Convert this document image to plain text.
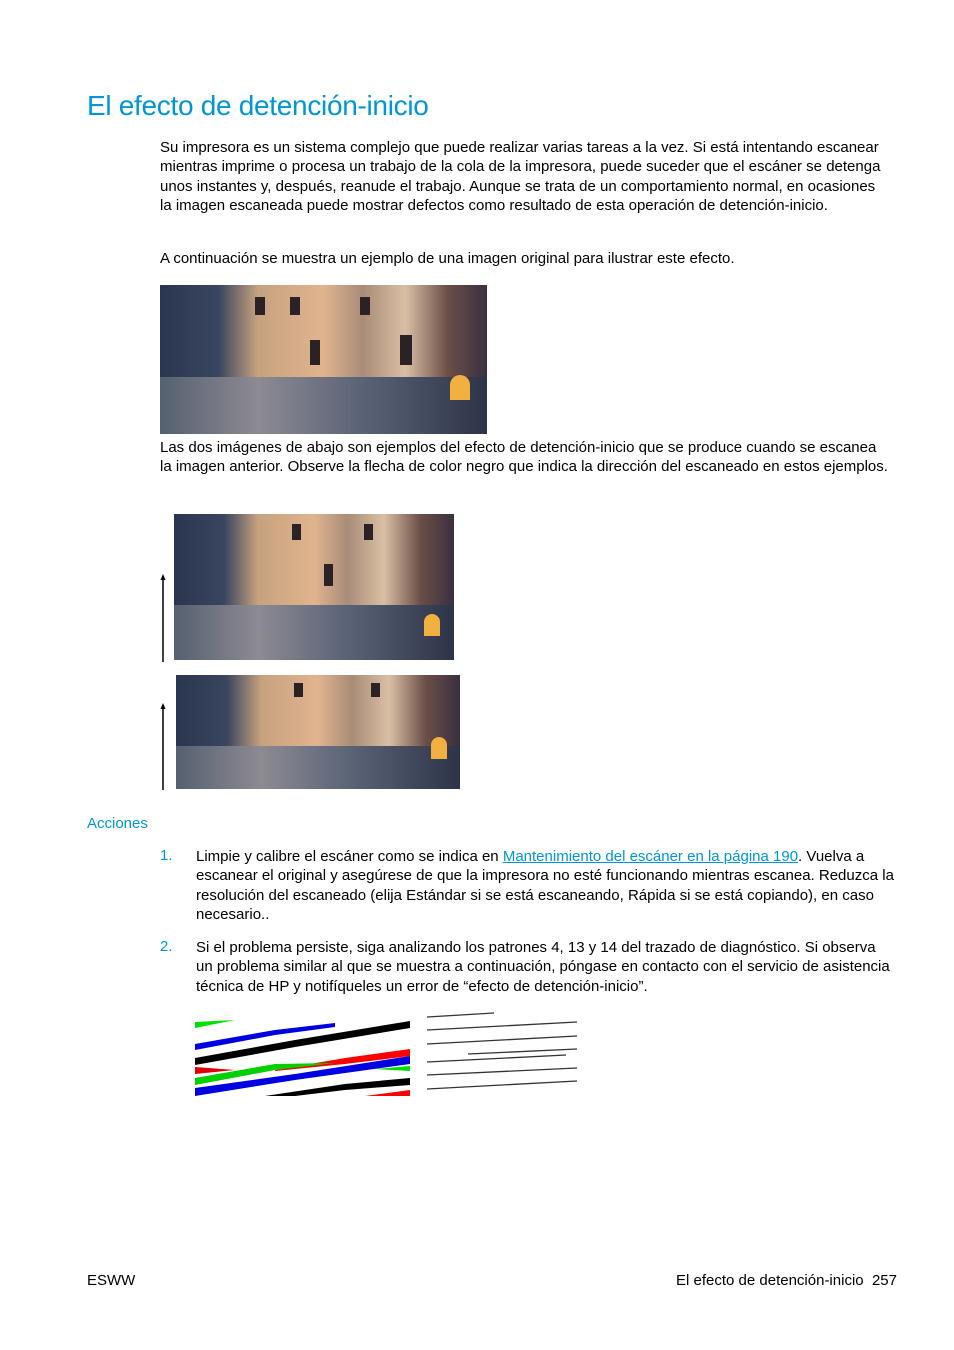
El efecto de detención-inicio
Su impresora es un sistema complejo que puede realizar varias tareas a la vez. Si está intentando escanear mientras imprime o procesa un trabajo de la cola de la impresora, puede suceder que el escáner se detenga unos instantes y, después, reanude el trabajo. Aunque se trata de un comportamiento normal, en ocasiones la imagen escaneada puede mostrar defectos como resultado de esta operación de detención-inicio.
A continuación se muestra un ejemplo de una imagen original para ilustrar este efecto.
Las dos imágenes de abajo son ejemplos del efecto de detención-inicio que se produce cuando se escanea la imagen anterior. Observe la flecha de color negro que indica la dirección del escaneado en estos ejemplos.
Acciones
1. Limpie y calibre el escáner como se indica en Mantenimiento del escáner en la página 190. Vuelva a escanear el original y asegúrese de que la impresora no esté funcionando mientras escanea. Reduzca la resolución del escaneado (elija Estándar si se está escaneando, Rápida si se está copiando), en caso necesario..
2. Si el problema persiste, siga analizando los patrones 4, 13 y 14 del trazado de diagnóstico. Si observa un problema similar al que se muestra a continuación, póngase en contacto con el servicio de asistencia técnica de HP y notifíqueles un error de “efecto de detención-inicio”.
ESWW	El efecto de detención-inicio 257
